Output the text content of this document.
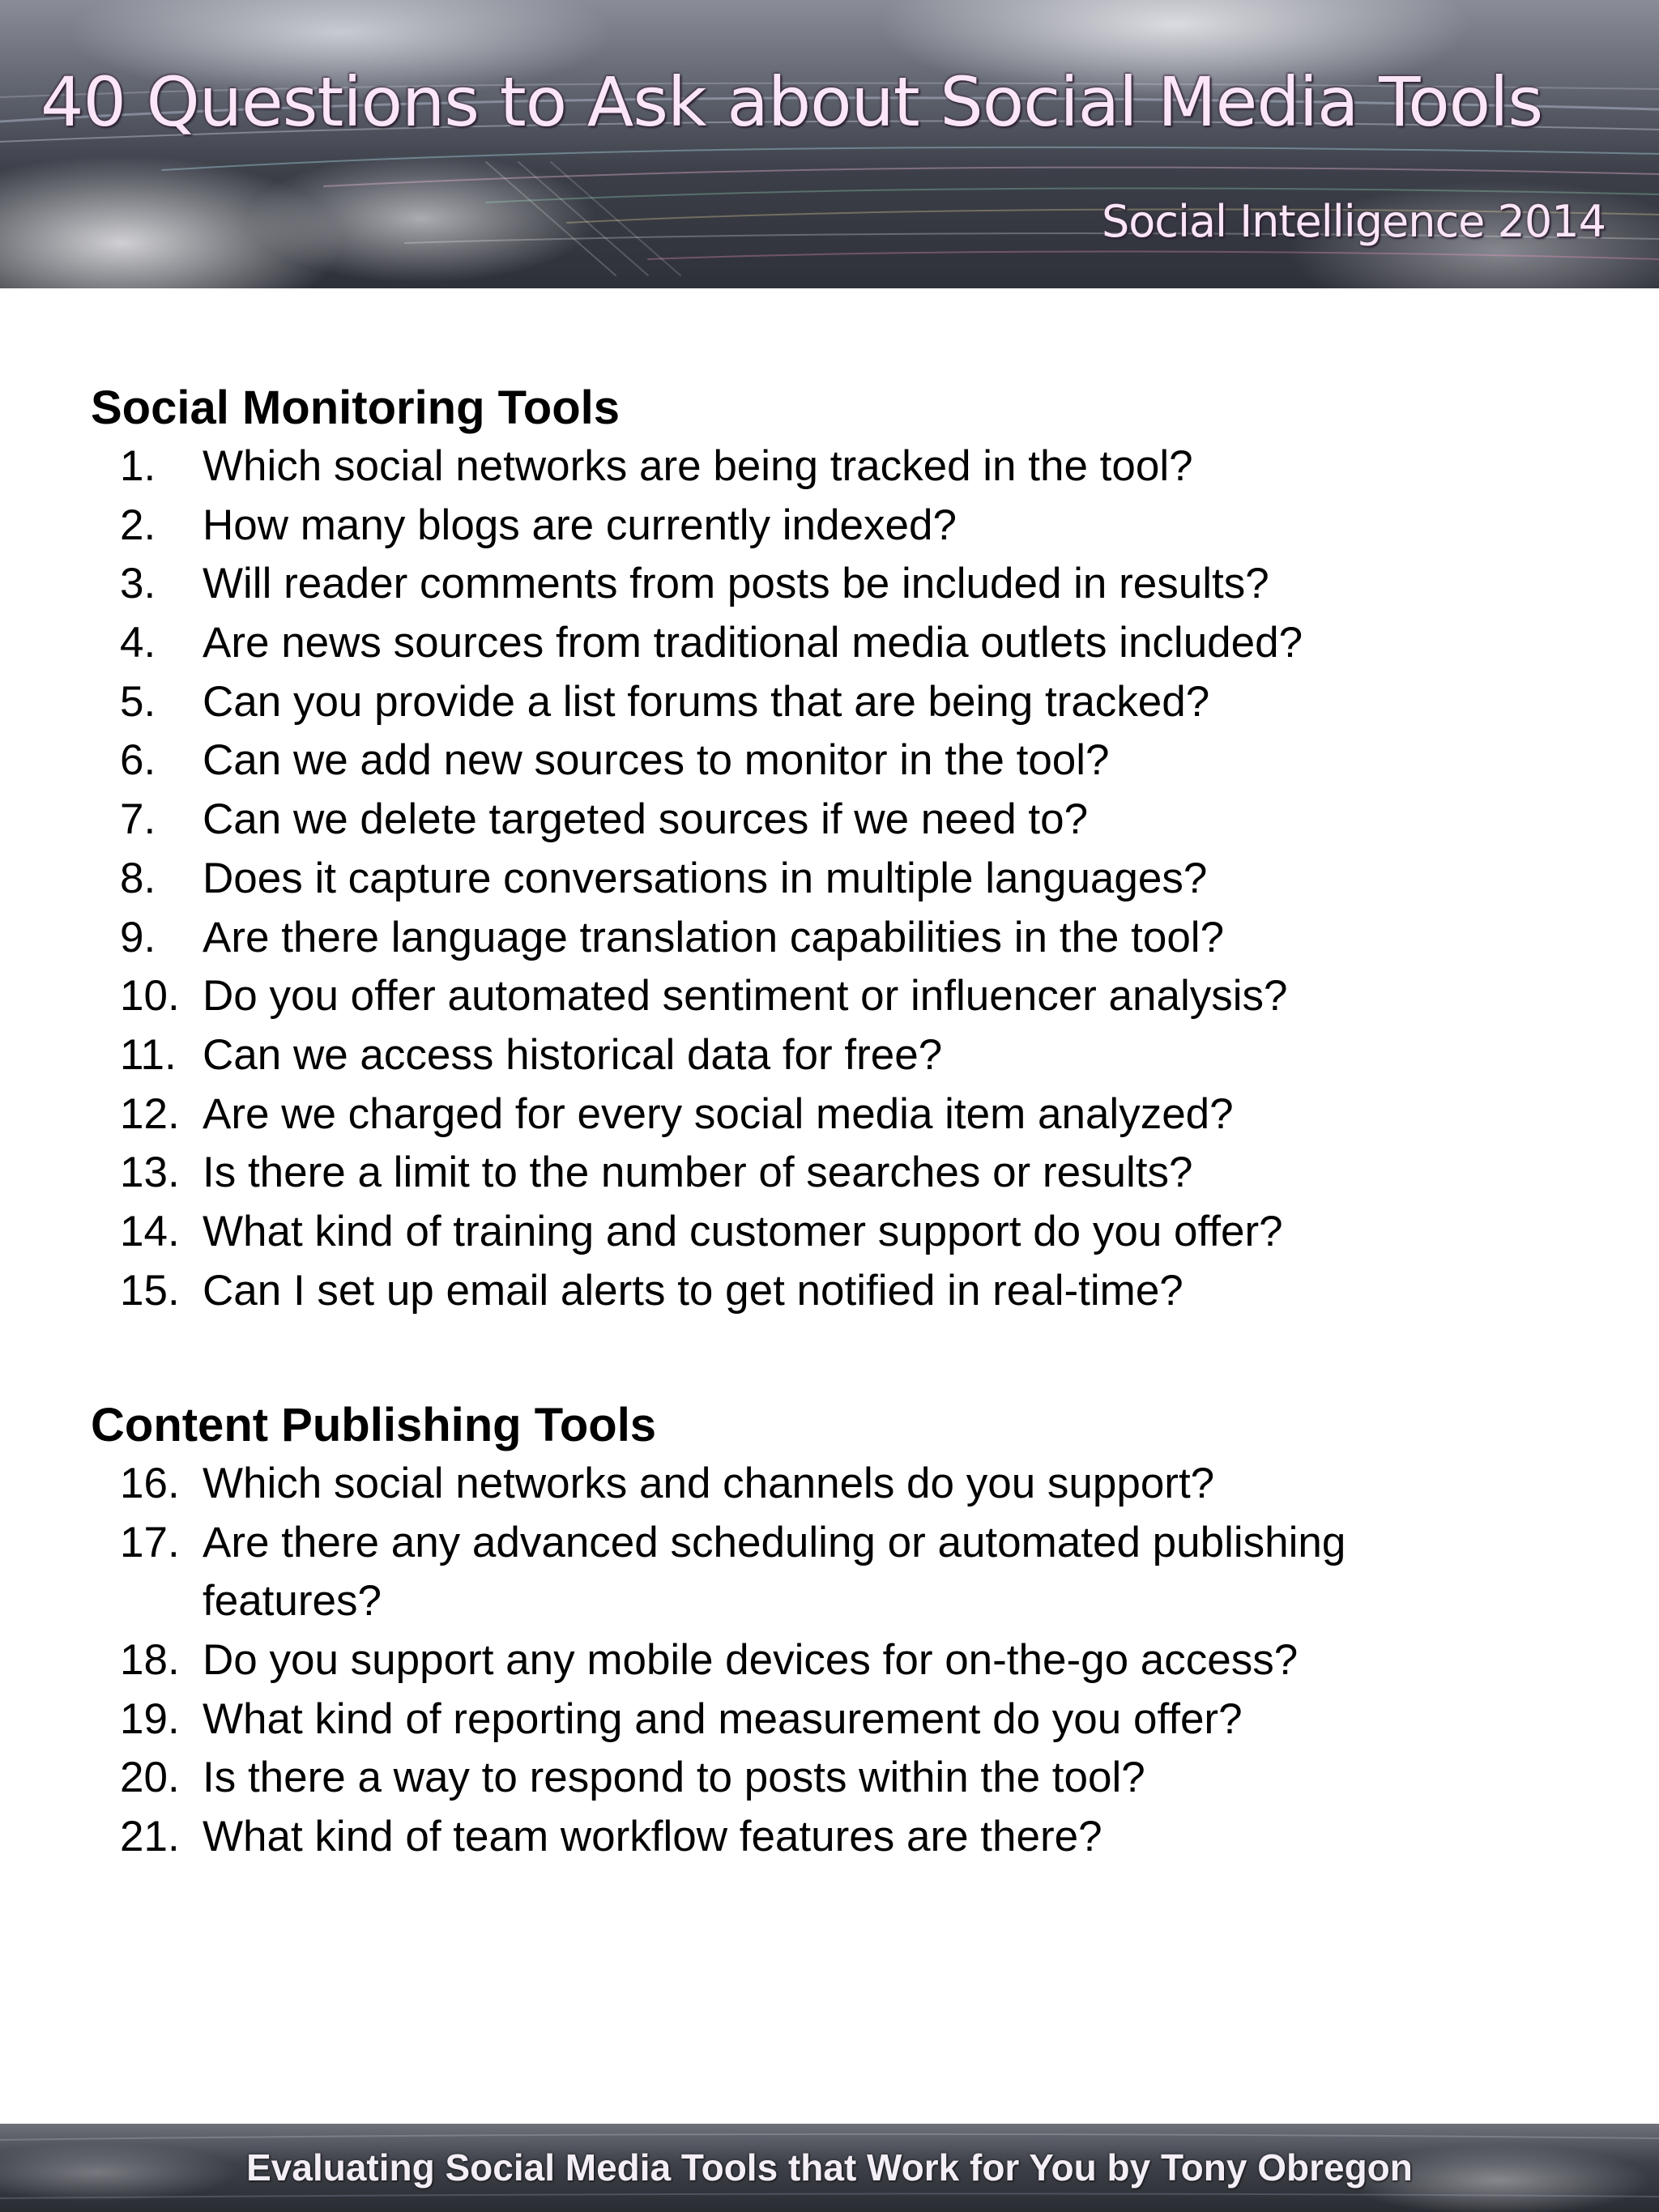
40 Questions to Ask about Social Media Tools
Social Intelligence 2014
Social Monitoring Tools
1. Which social networks are being tracked in the tool?
2. How many blogs are currently indexed?
3. Will reader comments from posts be included in results?
4. Are news sources from traditional media outlets included?
5. Can you provide a list forums that are being tracked?
6. Can we add new sources to monitor in the tool?
7. Can we delete targeted sources if we need to?
8. Does it capture conversations in multiple languages?
9. Are there language translation capabilities in the tool?
10. Do you offer automated sentiment or influencer analysis?
11. Can we access historical data for free?
12. Are we charged for every social media item analyzed?
13. Is there a limit to the number of searches or results?
14. What kind of training and customer support do you offer?
15. Can I set up email alerts to get notified in real-time?
Content Publishing Tools
16. Which social networks and channels do you support?
17. Are there any advanced scheduling or automated publishing features?
18. Do you support any mobile devices for on-the-go access?
19. What kind of reporting and measurement do you offer?
20. Is there a way to respond to posts within the tool?
21. What kind of team workflow features are there?
Evaluating Social Media Tools that Work for You by Tony Obregon
